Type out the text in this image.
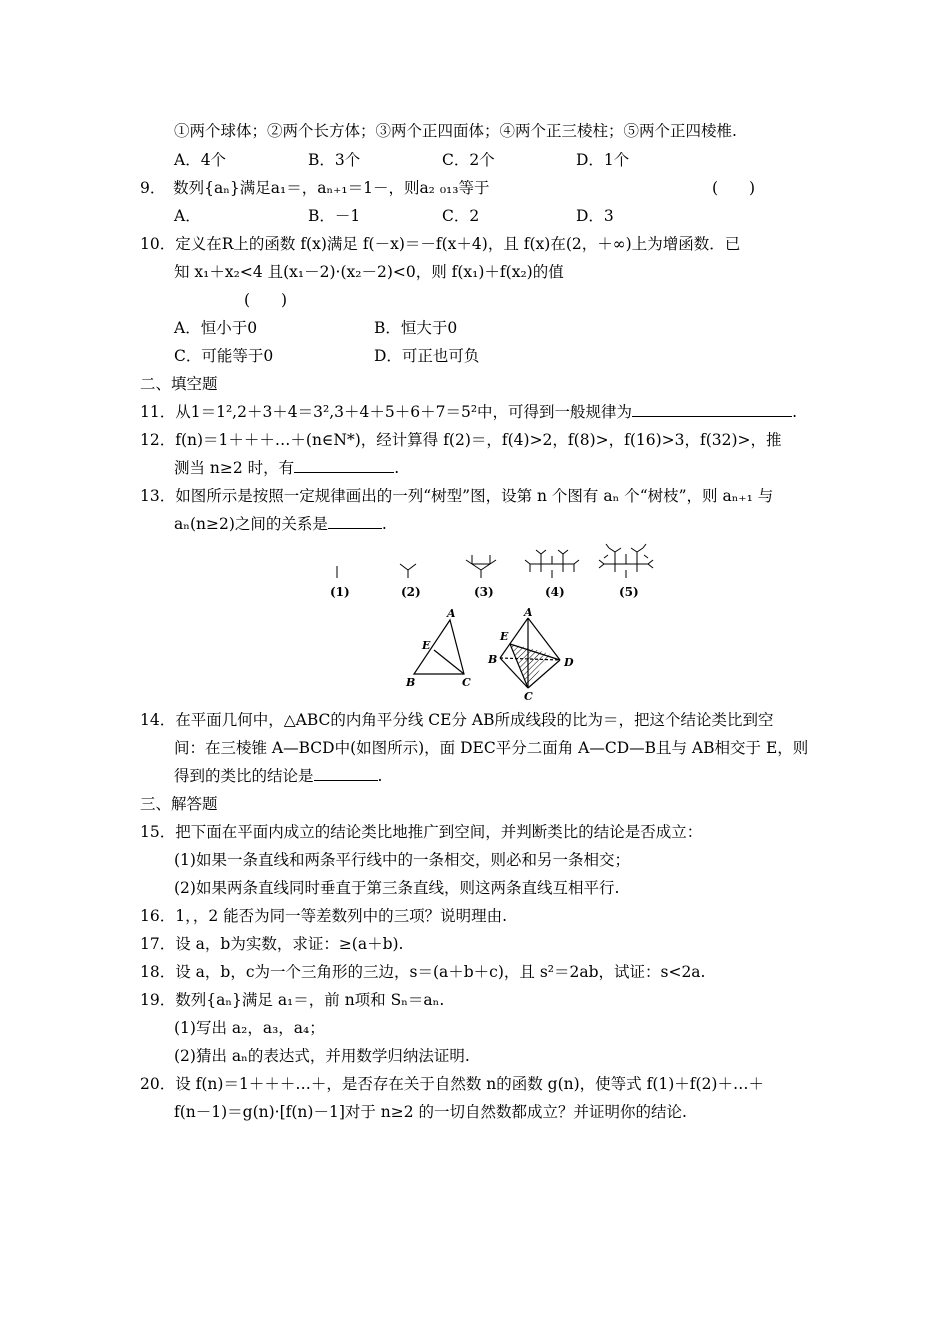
①两个球体；②两个长方体；③两个正四面体；④两个正三棱柱；⑤两个正四棱椎.
A．4个	B．3个	C．2个	D．1个
9．　数列{aₙ}满足a₁＝，aₙ₊₁＝1－，则a₂ ₀₁₃等于	(　　)
A．	B．－1	C．2	D．3
10．定义在R上的函数 f(x)满足 f(－x)＝－f(x＋4)，且 f(x)在(2，＋∞)上为增函数．已
知 x₁＋x₂<4 且(x₁－2)·(x₂－2)<0，则 f(x₁)＋f(x₂)的值
(　　)
A．恒小于0	B．恒大于0
C．可能等于0	D．可正也可负
二、填空题
11．从1＝1²,2＋3＋4＝3²,3＋4＋5＋6＋7＝5²中，可得到一般规律为	.
12．f(n)＝1＋＋＋…＋(n∈N*)，经计算得 f(2)＝，f(4)>2，f(8)>，f(16)>3，f(32)>，推
测当 n≥2 时，有	.
13．如图所示是按照一定规律画出的一列“树型”图，设第 n 个图有 aₙ 个“树枝”，则 aₙ₊₁ 与
aₙ(n≥2)之间的关系是	.
(1)	(2)	(3)	(4)	(5)
A
E
B	C
A
E
B	D
C
14．在平面几何中，△ABC的内角平分线 CE分 AB所成线段的比为＝，把这个结论类比到空
间：在三棱锥 A—BCD中(如图所示)，面 DEC平分二面角 A—CD—B且与 AB相交于 E，则
得到的类比的结论是	.
三、解答题
15．把下面在平面内成立的结论类比地推广到空间，并判断类比的结论是否成立：
(1)如果一条直线和两条平行线中的一条相交，则必和另一条相交；
(2)如果两条直线同时垂直于第三条直线，则这两条直线互相平行.
16．1，，2 能否为同一等差数列中的三项？说明理由.
17．设 a，b为实数，求证：≥(a＋b).
18．设 a，b，c为一个三角形的三边，s＝(a＋b＋c)，且 s²＝2ab，试证：s<2a.
19．数列{aₙ}满足 a₁＝，前 n项和 Sₙ＝aₙ.
(1)写出 a₂，a₃，a₄；
(2)猜出 aₙ的表达式，并用数学归纳法证明.
20．设 f(n)＝1＋＋＋…＋，是否存在关于自然数 n的函数 g(n)，使等式 f(1)＋f(2)＋…＋
f(n－1)＝g(n)·[f(n)－1]对于 n≥2 的一切自然数都成立？并证明你的结论.
